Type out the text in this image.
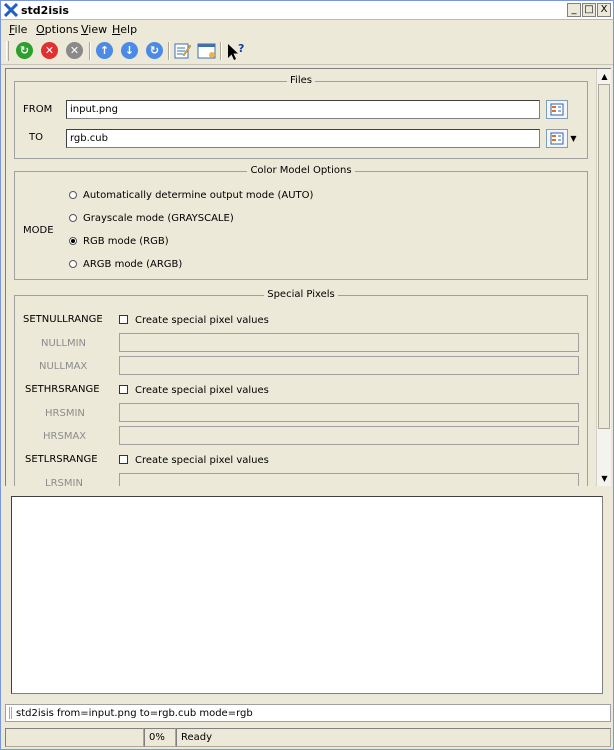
std2isis	_ □ X
File Options View Help
↻	✕	✕	↑	↓	↻	?
Files
FROM	input.png
TO	rgb.cub	▼
Color Model Options
MODE
Automatically determine output mode (AUTO)
Grayscale mode (GRAYSCALE)
RGB mode (RGB)
ARGB mode (ARGB)
Special Pixels
SETNULLRANGE	Create special pixel values
NULLMIN
NULLMAX
SETHRSRANGE	Create special pixel values
HRSMIN
HRSMAX
SETLRSRANGE	Create special pixel values
LRSMIN
▲
▼
std2isis from=input.png to=rgb.cub mode=rgb
0%	Ready
